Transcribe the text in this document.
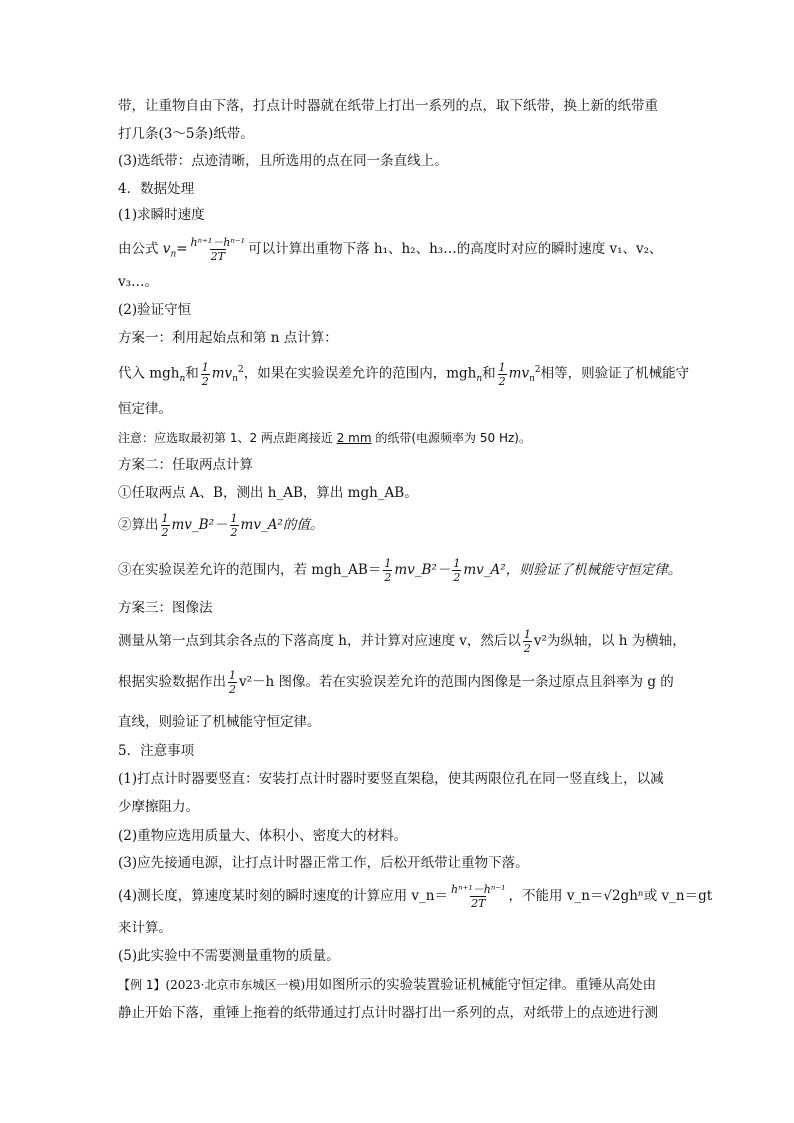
带，让重物自由下落，打点计时器就在纸带上打出一系列的点，取下纸带，换上新的纸带重
打几条(3～5条)纸带。
(3)选纸带：点迹清晰，且所选用的点在同一条直线上。
4．数据处理
(1)求瞬时速度
由公式 $v_n= \frac{\text{hⁿ⁺¹－hⁿ⁻¹}}{2T}$ 可以计算出重物下落 h₁、h₂、h₃…的高度时对应的瞬时速度 v₁、v₂、
v₃…。
(2)验证守恒
方案一：利用起始点和第 n 点计算：
代入 mgh$_n$和 $\frac{1}{2} mv_n^2$，如果在实验误差允许的范围内，mgh$_n$和 $\frac{1}{2} mv_n^2$相等，则验证了机械能守
恒定律。
注意：应选取最初第 1、2 两点距离接近 2 mm 的纸带(电源频率为 50 Hz)。
方案二：任取两点计算
①任取两点 A、B，测出 h_AB，算出 mgh_AB。
②算出 $\frac{1}{2}$ mv_B²－ $\frac{1}{2}$ mv_A²的值。
③在实验误差允许的范围内，若 mgh_AB＝ $\frac{1}{2}$ mv_B²－ $\frac{1}{2}$ mv_A²，则验证了机械能守恒定律。
方案三：图像法
测量从第一点到其余各点的下落高度 h，并计算对应速度 v，然后以 $\frac{1}{2} v^2$为纵轴，以 h 为横轴，
根据实验数据作出 $\frac{1}{2} v^2-h$ 图像。若在实验误差允许的范围内图像是一条过原点且斜率为 g 的
直线，则验证了机械能守恒定律。
5．注意事项
(1)打点计时器要竖直：安装打点计时器时要竖直架稳，使其两限位孔在同一竖直线上，以减
少摩擦阻力。
(2)重物应选用质量大、体积小、密度大的材料。
(3)应先接通电源，让打点计时器正常工作，后松开纸带让重物下落。
(4)测长度，算速度某时刻的瞬时速度的计算应用 v_n＝ $\frac{\text{hⁿ⁺¹－hⁿ⁻¹}}{2T}$ ，不能用 v_n＝√2ghⁿ或 v_n＝gt
来计算。
(5)此实验中不需要测量重物的质量。
【例 1】(2023·北京市东城区一模)用如图所示的实验装置验证机械能守恒定律。重锤从高处由
静止开始下落，重锤上拖着的纸带通过打点计时器打出一系列的点，对纸带上的点迹进行测
